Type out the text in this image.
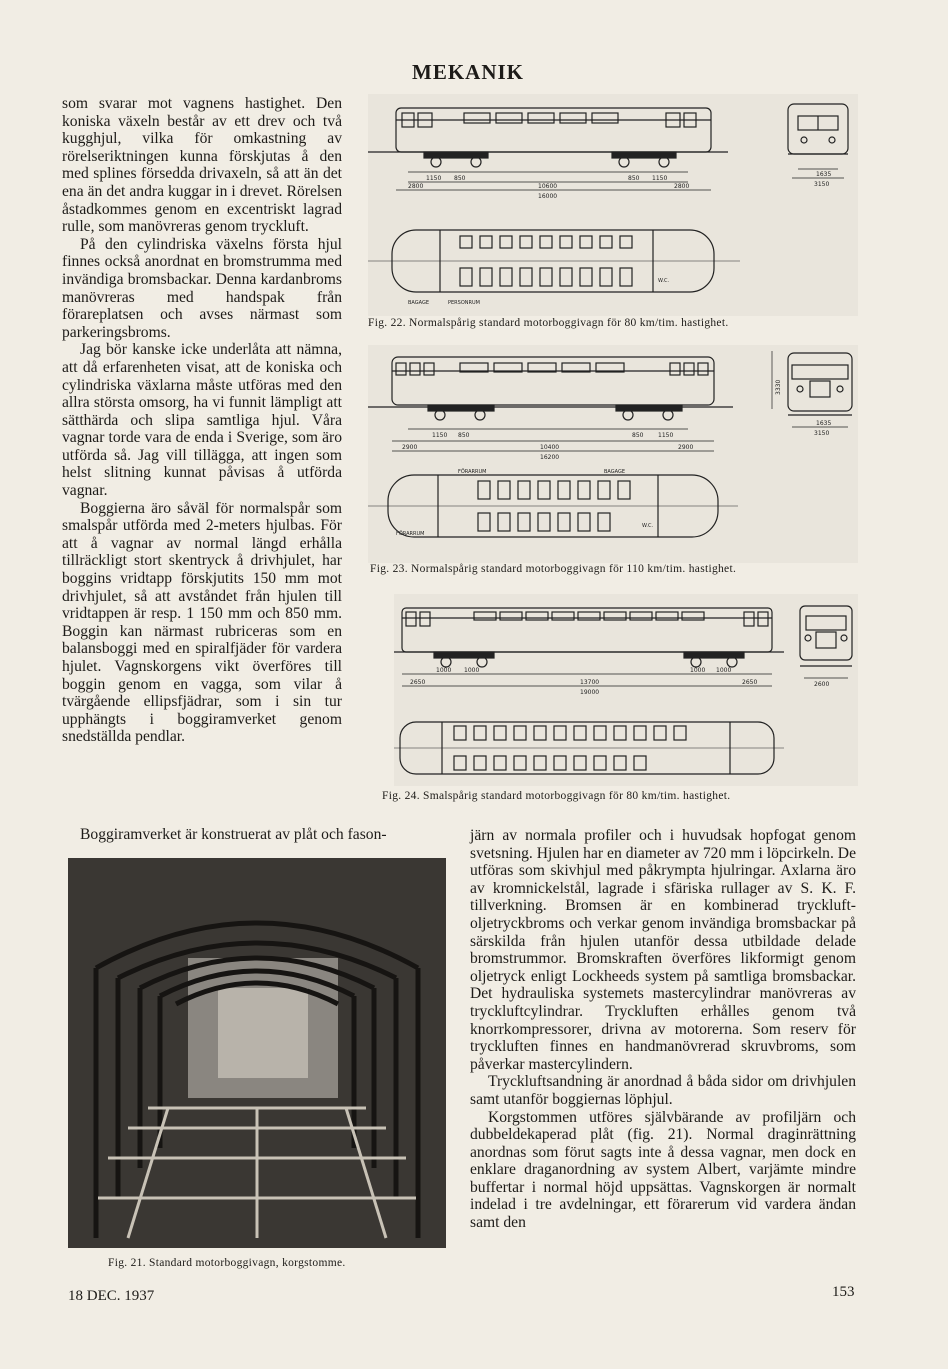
MEKANIK

som svarar mot vagnens hastighet. Den koniska växeln består av ett drev och två kugghjul, vilka för omkastning av rörelseriktningen kunna förskjutas å den med splines försedda drivaxeln, så att än det ena än det andra kuggar in i drevet. Rörelsen åstadkommes genom en excentriskt lagrad rulle, som manövreras genom tryckluft.

På den cylindriska växelns första hjul finnes också anordnat en bromstrumma med invändiga bromsbackar. Denna kardanbroms manövreras med handspak från förareplatsen och avses närmast som parkeringsbroms.

Jag bör kanske icke underlåta att nämna, att då erfarenheten visat, att de koniska och cylindriska växlarna måste utföras med den allra största omsorg, ha vi funnit lämpligt att sätthärda och slipa samtliga hjul. Våra vagnar torde vara de enda i Sverige, som äro utförda så. Jag vill tillägga, att ingen som helst slitning kunnat påvisas å utförda vagnar.

Boggierna äro såväl för normalspår som smalspår utförda med 2-meters hjulbas. För att å vagnar av normal längd erhålla tillräckligt stort skentryck å drivhjulet, har boggins vridtapp förskjutits 150 mm mot drivhjulet, så att avståndet från hjulen till vridtappen är resp. 1 150 mm och 850 mm. Boggin kan närmast rubriceras som en balansboggi med en spiralfjäder för vardera hjulet. Vagnskorgens vikt överföres till boggin genom en vagga, som vilar å tvärgående ellipsfjädrar, som i sin tur upphängts i boggiramverket genom snedställda pendlar.

Boggiramverket är konstruerat av plåt och fason-	järn av normala profiler och i huvudsak hopfogat genom svetsning. Hjulen har en diameter av 720 mm i löpcirkeln. De utföras som skivhjul med påkrympta hjulringar. Axlarna äro av kromnickelstål, lagrade i sfäriska rullager av S. K. F. tillverkning. Bromsen är en kombinerad tryckluft-oljetryckbroms och verkar genom invändiga bromsbackar på särskilda från hjulen utanför dessa utbildade delade bromstrummor. Bromskraften överföres likformigt genom oljetryck enligt Lockheeds system på samtliga bromsbackar. Det hydrauliska systemets mastercylindrar manövreras av tryckluftcylindrar. Tryckluften erhålles genom två knorrkompressorer, drivna av motorerna. Som reserv för tryckluften finnes en handmanövrerad skruvbroms, som påverkar mastercylindern.

Tryckluftsandning är anordnad å båda sidor om drivhjulen samt utanför boggiernas löphjul.

Korgstommen utföres självbärande av profiljärn och dubbeldekaperad plåt (fig. 21). Normal draginrättning anordnas som förut sagts inte å dessa vagnar, men dock en enklare draganordning av system Albert, varjämte mindre buffertar i normal höjd uppsättas. Vagnskorgen är normalt indelad i tre avdelningar, ett förarerum vid vardera ändan samt den

1150 850
2800	10600
16000
850 1150
2800
1635
3150
BAGAGE	PERSONRUM
W.C.
Fig. 22. Normalspårig standard motorboggivagn för 80 km/tim. hastighet.
1150 850
2900	10400
16200
850 1150
2900
1635
3150
3330
FÖRARRUM	BAGAGE
W.C.
FÖRARRUM
Fig. 23. Normalspårig standard motorboggivagn för 110 km/tim. hastighet.
1000 1000
2650	13700
19000
1000 1000
2650	2600
Fig. 24. Smalspårig standard motorboggivagn för 80 km/tim. hastighet.
Fig. 21. Standard motorboggivagn, korgstomme.
18 DEC. 1937	153
